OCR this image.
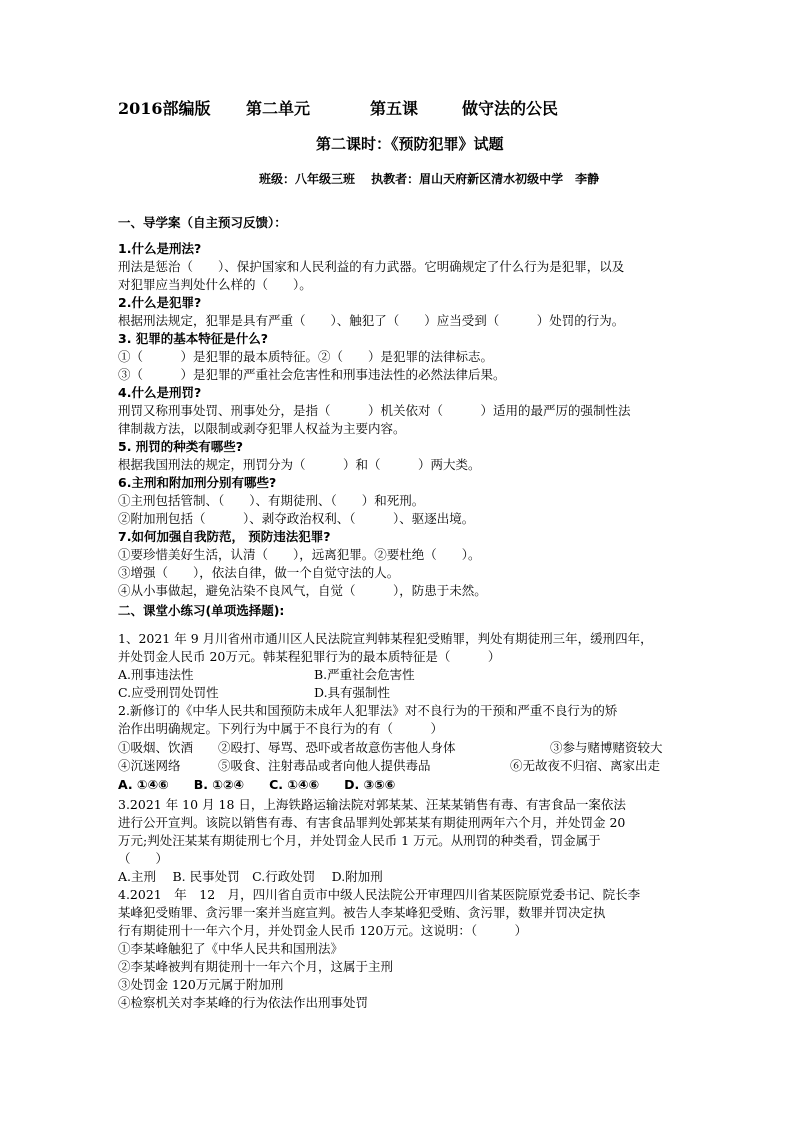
2016部编版 第二单元	第五课	做守法的公民
第二课时：《预防犯罪》试题
班级：八年级三班　 执教者：眉山天府新区清水初级中学　李静
一、导学案（自主预习反馈）：
1.什么是刑法?
刑法是惩治（　　）、保护国家和人民利益的有力武器。它明确规定了什么行为是犯罪，以及
对犯罪应当判处什么样的（　　）。
2.什么是犯罪?
根据刑法规定，犯罪是具有严重（　　）、触犯了（　　）应当受到（　　　）处罚的行为。
3. 犯罪的基本特征是什么?
①（　　　）是犯罪的最本质特征。②（　　）是犯罪的法律标志。
③（　　　）是犯罪的严重社会危害性和刑事违法性的必然法律后果。
4.什么是刑罚?
刑罚又称刑事处罚、刑事处分，是指（　　　）机关依对（　　　）适用的最严厉的强制性法
律制裁方法，以限制或剥夺犯罪人权益为主要内容。
5. 刑罚的种类有哪些?
根据我国刑法的规定，刑罚分为（　　　）和（　　　）两大类。
6.主刑和附加刑分别有哪些?
①主刑包括管制、（　　）、有期徒刑、（　　）和死刑。
②附加刑包括（　　　）、剥夺政治权利、（　　　）、驱逐出境。
7.如何加强自我防范， 预防违法犯罪?
①要珍惜美好生活，认清（　　），远离犯罪。②要杜绝（　　）。
③增强（　　），依法自律，做一个自觉守法的人。
④从小事做起，避免沾染不良风气，自觉（　　　），防患于未然。
二、课堂小练习(单项选择题):
1、2021 年 9 月川省州市通川区人民法院宣判韩某程犯受贿罪，判处有期徒刑三年，缓刑四年，
并处罚金人民币 20万元。韩某程犯罪行为的最本质特征是（　　　）
A.刑事违法性	B.严重社会危害性
C.应受刑罚处罚性	D.具有强制性
2.新修订的《中华人民共和国预防未成年人犯罪法》对不良行为的干预和严重不良行为的矫
治作出明确规定。下列行为中属于不良行为的有（　　　）
①吸烟、饮酒	②殴打、辱骂、恐吓或者故意伤害他人身体	③参与赌博赌资较大
④沉迷网络	⑤吸食、注射毒品或者向他人提供毒品	⑥无故夜不归宿、离家出走
A. ①④⑥　　B. ①②④　　C. ①④⑥　　D. ③⑤⑥
3.2021 年 10 月 18 日，上海铁路运输法院对郭某某、汪某某销售有毒、有害食品一案依法
进行公开宣判。该院以销售有毒、有害食品罪判处郭某某有期徒刑两年六个月，并处罚金 20
万元;判处汪某某有期徒刑七个月，并处罚金人民币 1 万元。从刑罚的种类看，罚金属于
（　　）
A.主刑　 B. 民事处罚　C.行政处罚　 D.附加刑
4.2021　年　12　月，四川省自贡市中级人民法院公开审理四川省某医院原党委书记、院长李
某峰犯受贿罪、贪污罪一案并当庭宣判。被告人李某峰犯受贿、贪污罪，数罪并罚决定执
行有期徒刑十一年六个月，并处罚金人民币 120万元。这说明：（　　　）
①李某峰触犯了《中华人民共和国刑法》
②李某峰被判有期徒刑十一年六个月，这属于主刑
③处罚金 120万元属于附加刑
④检察机关对李某峰的行为依法作出刑事处罚
